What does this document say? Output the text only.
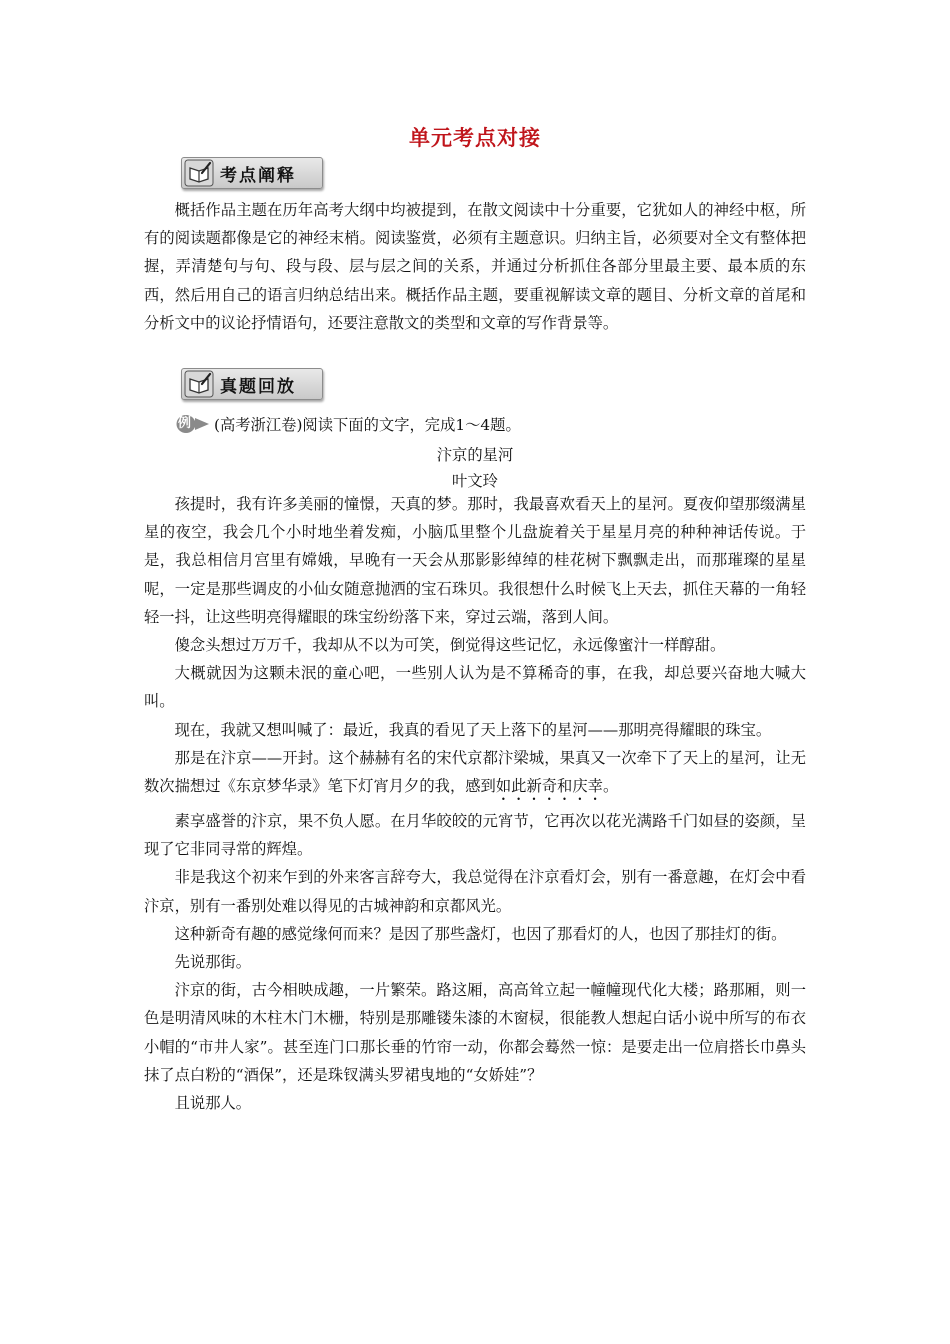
单元考点对接
考点阐释

概括作品主题在历年高考大纲中均被提到，在散文阅读中十分重要，它犹如人的神经中枢，所有的阅读题都像是它的神经末梢。阅读鉴赏，必须有主题意识。归纳主旨，必须要对全文有整体把握，弄清楚句与句、段与段、层与层之间的关系，并通过分析抓住各部分里最主要、最本质的东西，然后用自己的语言归纳总结出来。概括作品主题，要重视解读文章的题目、分析文章的首尾和分析文中的议论抒情语句，还要注意散文的类型和文章的写作背景等。

真题回放
例 (高考浙江卷)阅读下面的文字，完成1～4题。
汴京的星河
叶文玲

孩提时，我有许多美丽的憧憬，天真的梦。那时，我最喜欢看天上的星河。夏夜仰望那缀满星星的夜空，我会几个小时地坐着发痴，小脑瓜里整个儿盘旋着关于星星月亮的种种神话传说。于是，我总相信月宫里有嫦娥，早晚有一天会从那影影绰绰的桂花树下飘飘走出，而那璀璨的星星呢，一定是那些调皮的小仙女随意抛洒的宝石珠贝。我很想什么时候飞上天去，抓住天幕的一角轻轻一抖，让这些明亮得耀眼的珠宝纷纷落下来，穿过云端，落到人间。

傻念头想过万万千，我却从不以为可笑，倒觉得这些记忆，永远像蜜汁一样醇甜。

大概就因为这颗未泯的童心吧，一些别人认为是不算稀奇的事，在我，却总要兴奋地大喊大叫。

现在，我就又想叫喊了：最近，我真的看见了天上落下的星河——那明亮得耀眼的珠宝。

那是在汴京——开封。这个赫赫有名的宋代京都汴梁城，果真又一次牵下了天上的星河，让无数次揣想过《东京梦华录》笔下灯宵月夕的我，感到如此新奇和庆幸。

素享盛誉的汴京，果不负人愿。在月华皎皎的元宵节，它再次以花光满路千门如昼的姿颜，呈现了它非同寻常的辉煌。

非是我这个初来乍到的外来客言辞夸大，我总觉得在汴京看灯会，别有一番意趣，在灯会中看汴京，别有一番别处难以得见的古城神韵和京都风光。

这种新奇有趣的感觉缘何而来？是因了那些盏灯，也因了那看灯的人，也因了那挂灯的街。

先说那街。

汴京的街，古今相映成趣，一片繁荣。路这厢，高高耸立起一幢幢现代化大楼；路那厢，则一色是明清风味的木柱木门木栅，特别是那雕镂朱漆的木窗棂，很能教人想起白话小说中所写的布衣小帽的“市井人家”。甚至连门口那长垂的竹帘一动，你都会蓦然一惊：是要走出一位肩搭长巾鼻头抹了点白粉的“酒保”，还是珠钗满头罗裙曳地的“女娇娃”？

且说那人。
